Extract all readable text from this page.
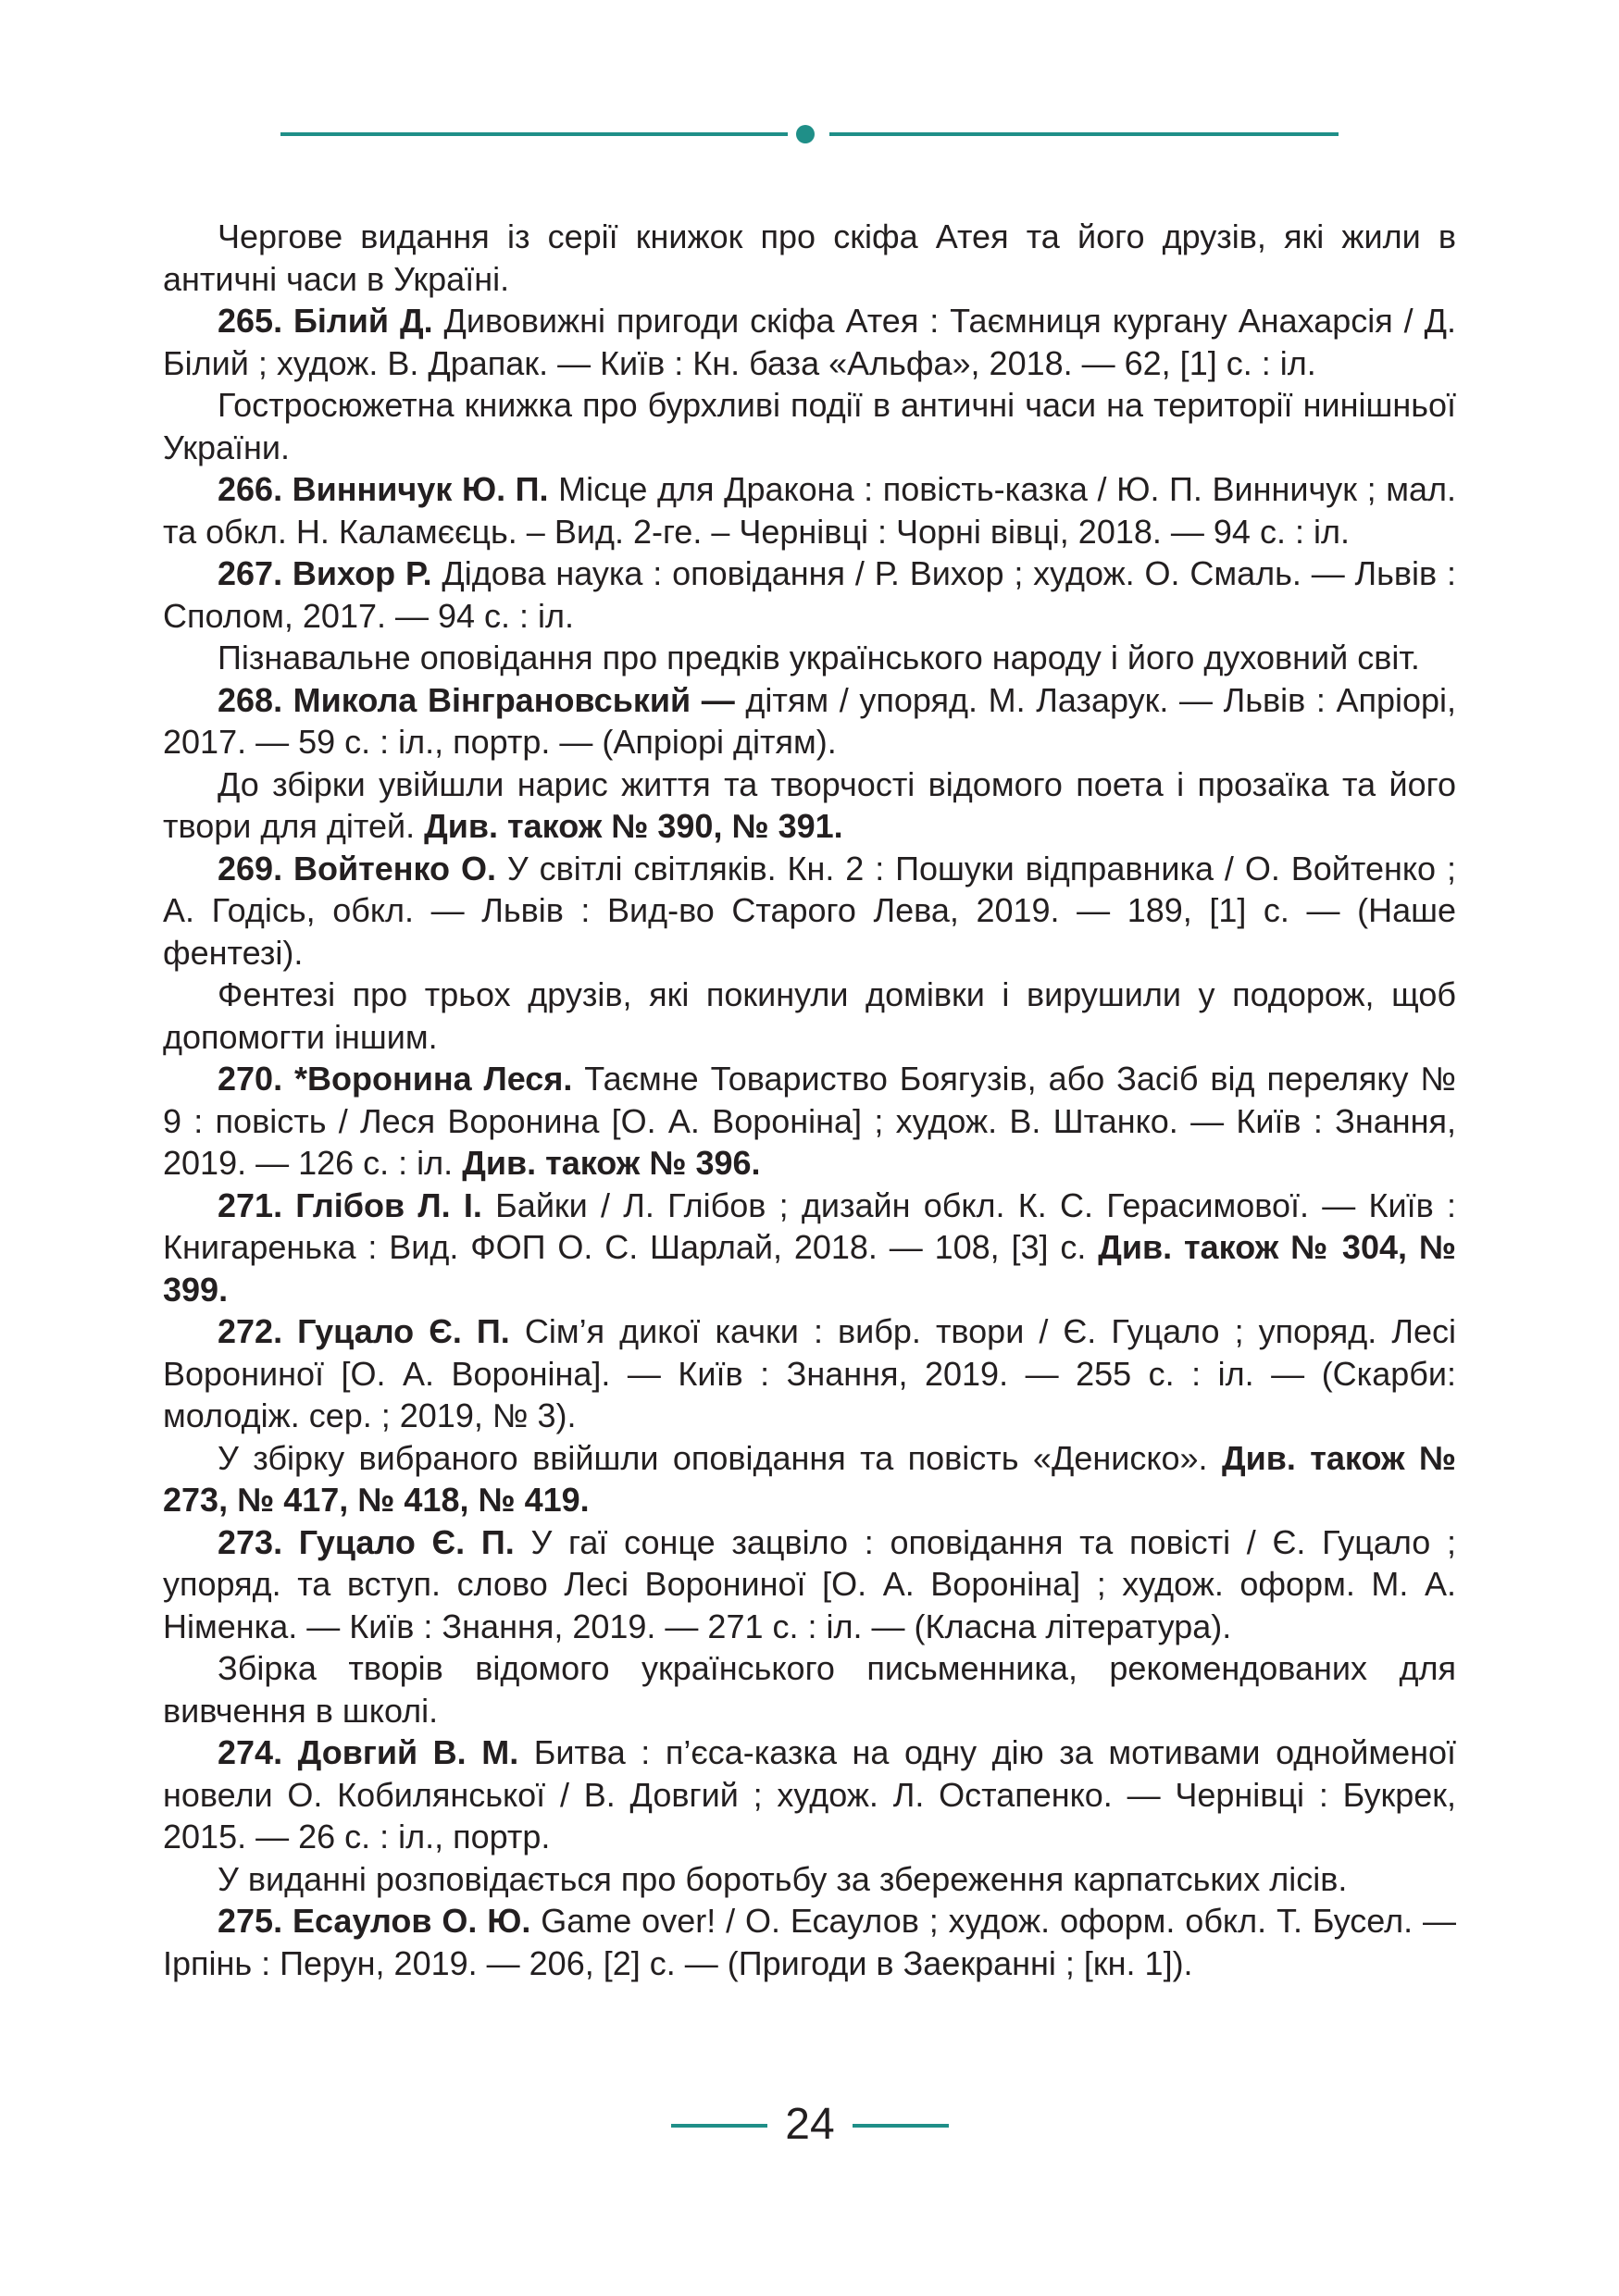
Чергове видання із серії книжок про скіфа Атея та його друзів, які жили в античні часи в Україні.

265. Білий Д. Дивовижні пригоди скіфа Атея : Таємниця кургану Анахарсія / Д. Білий ; худож. В. Драпак. — Київ : Кн. база «Альфа», 2018. — 62, [1] с. : іл.

Гостросюжетна книжка про бурхливі події в античні часи на території нинішньої України.

266. Винничук Ю. П. Місце для Дракона : повість-казка / Ю. П. Винничук ; мал. та обкл. Н. Каламєєць. – Вид. 2-ге. – Чернівці : Чорні вівці, 2018. — 94 с. : іл.

267. Вихор Р. Дідова наука : оповідання / Р. Вихор ; худож. О. Смаль. — Львів : Сполом, 2017. — 94 с. : іл.

Пізнавальне оповідання про предків українського народу і його духовний світ.

268. Микола Вінграновський — дітям / упоряд. М. Лазарук. — Львів : Апріорі, 2017. — 59 с. : іл., портр. — (Апріорі дітям).

До збірки увійшли нарис життя та творчості відомого поета і прозаїка та його твори для дітей. Див. також № 390, № 391.

269. Войтенко О. У світлі світляків. Кн. 2 : Пошуки відправника / О. Войтенко ; А. Годісь, обкл. — Львів : Вид-во Старого Лева, 2019. — 189, [1] с. — (Наше фентезі).

Фентезі про трьох друзів, які покинули домівки і вирушили у подорож, щоб допомогти іншим.

270. *Воронина Леся. Таємне Товариство Боягузів, або Засіб від переляку № 9 : повість / Леся Воронина [О. А. Вороніна] ; худож. В. Штанко. — Київ : Знання, 2019. — 126 с. : іл. Див. також № 396.

271. Глібов Л. І. Байки / Л. Глібов ; дизайн обкл. К. С. Герасимової. — Київ : Книгаренька : Вид. ФОП О. С. Шарлай, 2018. — 108, [3] с. Див. також № 304, № 399.

272. Гуцало Є. П. Сім’я дикої качки : вибр. твори / Є. Гуцало ; упоряд. Лесі Ворониної [О. А. Вороніна]. — Київ : Знання, 2019. — 255 с. : іл. — (Скарби: молодіж. сер. ; 2019, № 3).

У збірку вибраного ввійшли оповідання та повість «Дениско». Див. також № 273, № 417, № 418, № 419.

273. Гуцало Є. П. У гаї сонце зацвіло : оповідання та повісті / Є. Гуцало ; упоряд. та вступ. слово Лесі Ворониної [О. А. Вороніна] ; худож. оформ. М. А. Німенка. — Київ : Знання, 2019. — 271 с. : іл. — (Класна література).

Збірка творів відомого українського письменника, рекомендованих для вивчення в школі.

274. Довгий В. М. Битва : п’єса-казка на одну дію за мотивами однойменої новели О. Кобилянської / В. Довгий ; худож. Л. Остапенко. — Чернівці : Букрек, 2015. — 26 с. : іл., портр.

У виданні розповідається про боротьбу за збереження карпатських лісів.

275. Есаулов О. Ю. Game over! / О. Есаулов ; худож. оформ. обкл. Т. Бусел. — Ірпінь : Перун, 2019. — 206, [2] с. — (Пригоди в Заекранні ; [кн. 1]).

24
